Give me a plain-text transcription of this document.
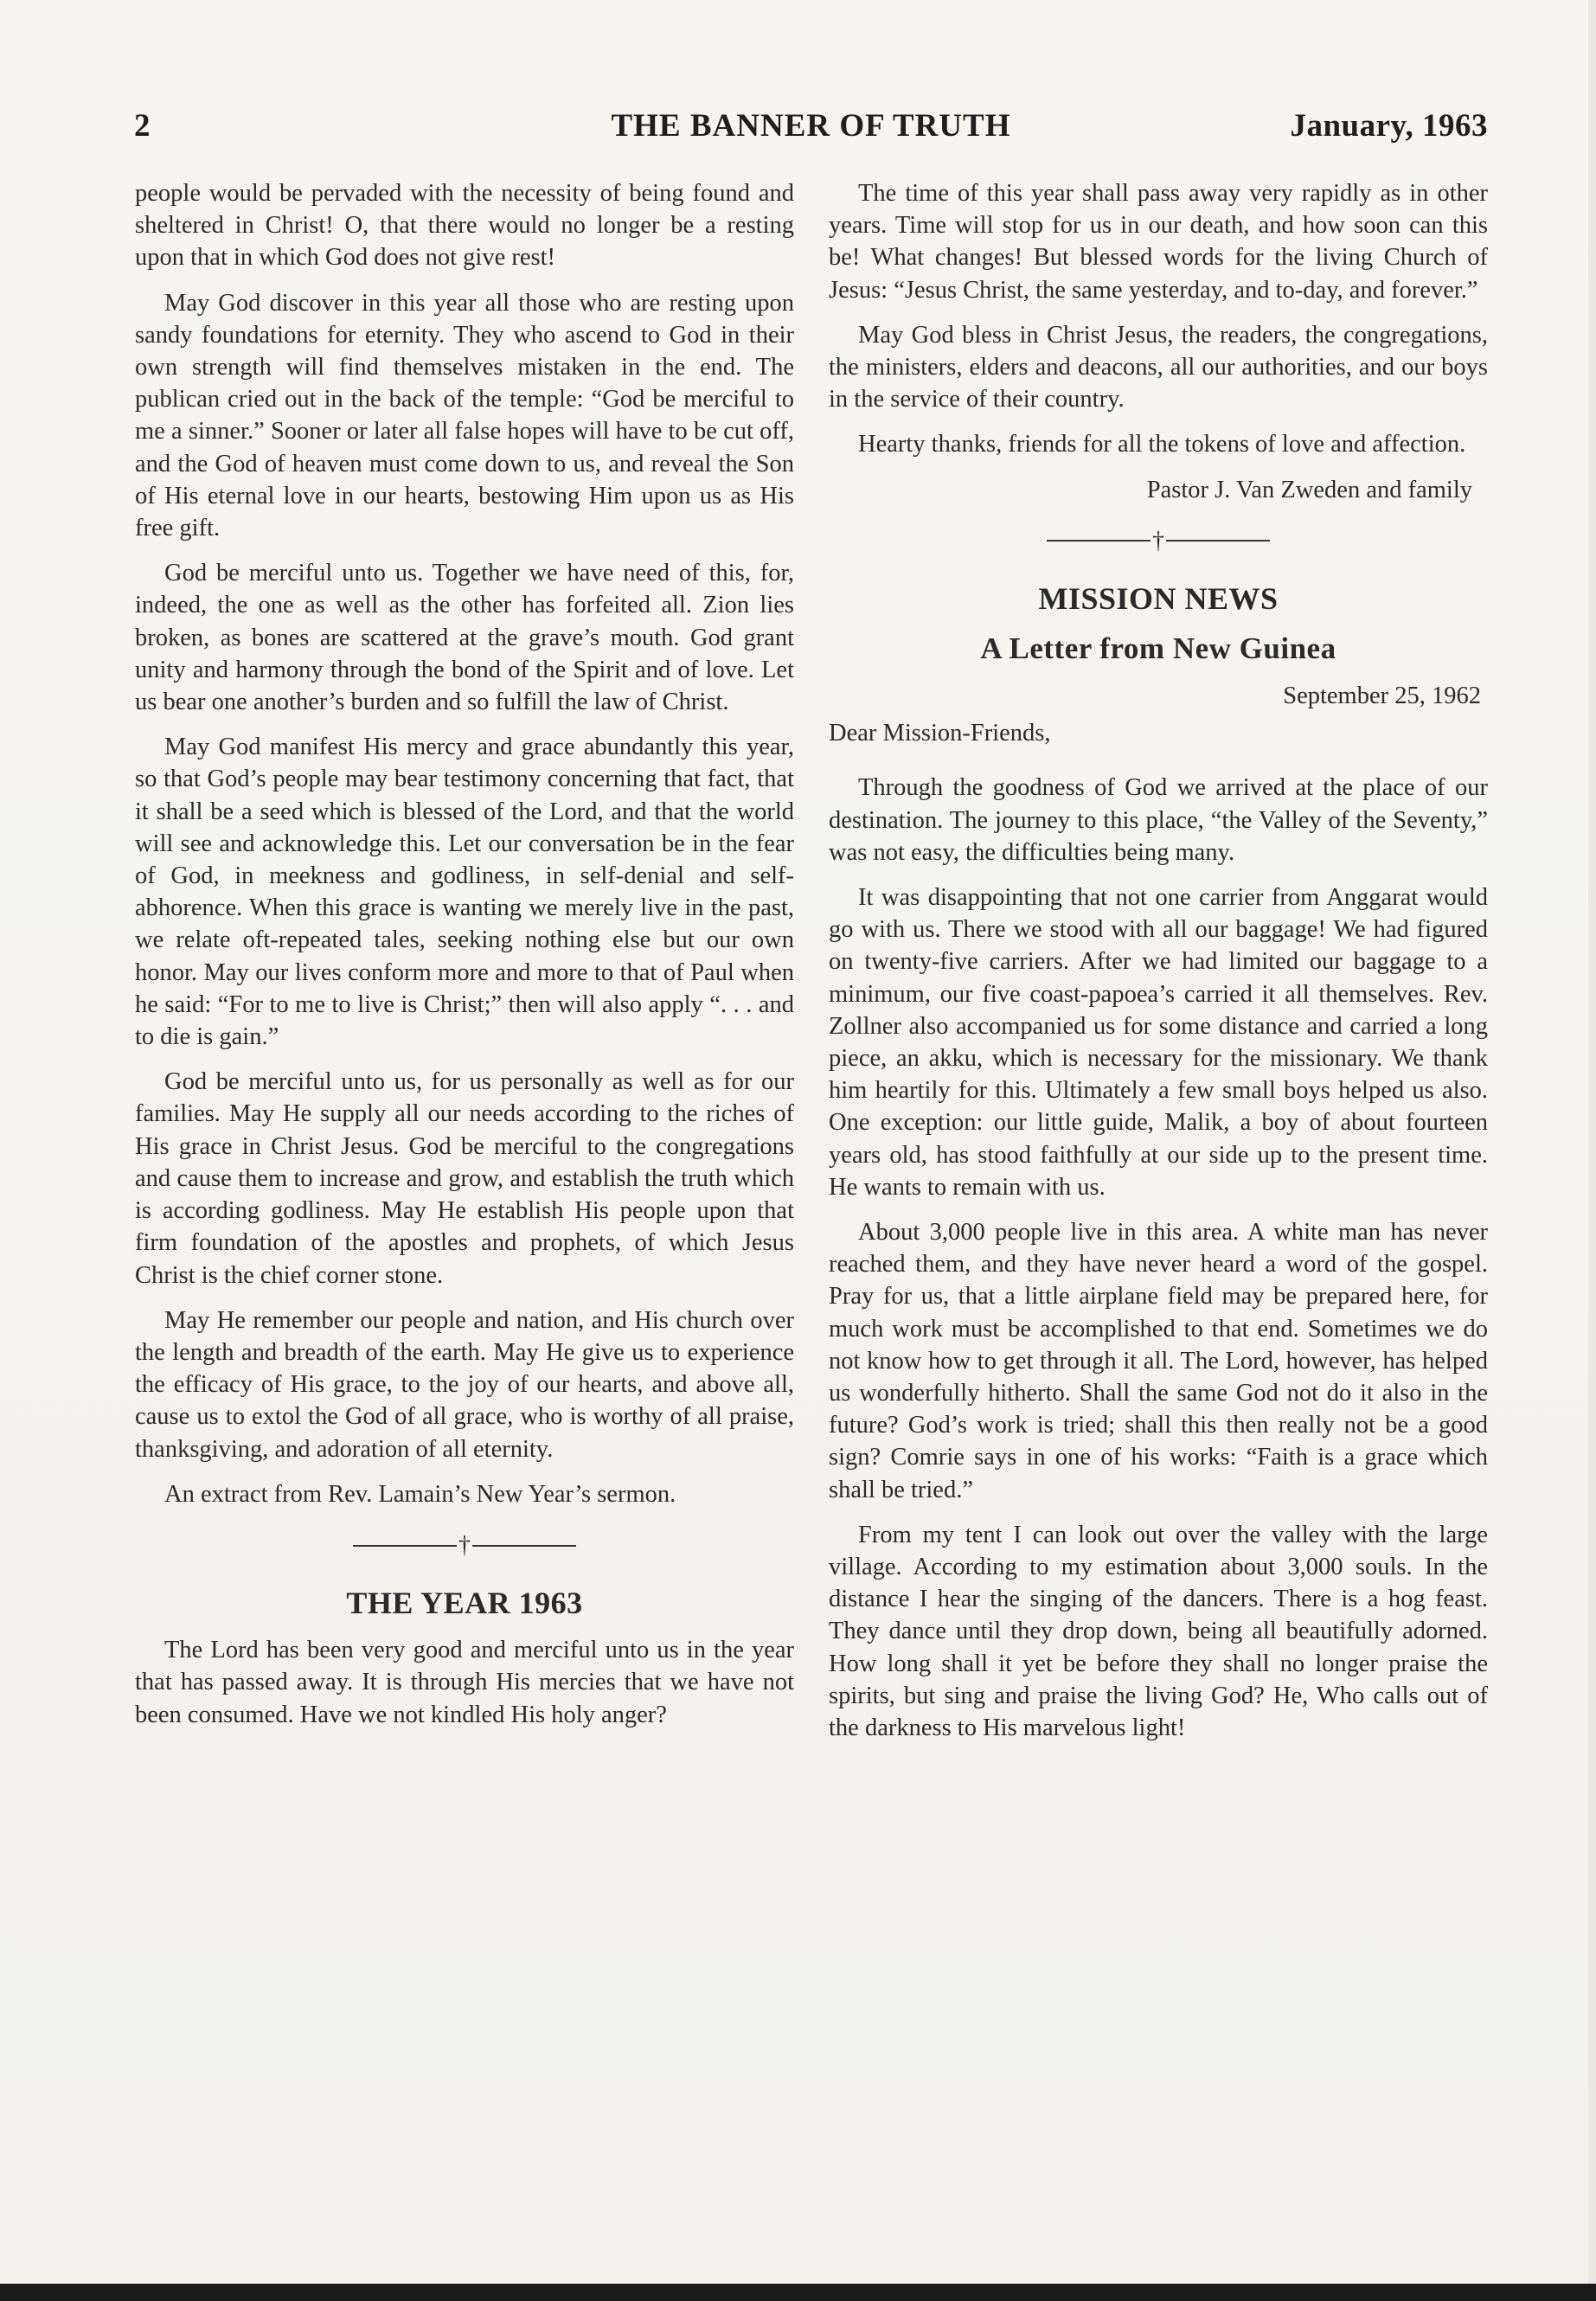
2	THE BANNER OF TRUTH	January, 1963

people would be pervaded with the necessity of being found and sheltered in Christ! O, that there would no longer be a resting upon that in which God does not give rest!

May God discover in this year all those who are resting upon sandy foundations for eternity. They who ascend to God in their own strength will find themselves mistaken in the end. The publican cried out in the back of the temple: “God be merciful to me a sinner.” Sooner or later all false hopes will have to be cut off, and the God of heaven must come down to us, and reveal the Son of His eternal love in our hearts, bestowing Him upon us as His free gift.

God be merciful unto us. Together we have need of this, for, indeed, the one as well as the other has forfeited all. Zion lies broken, as bones are scattered at the grave’s mouth. God grant unity and harmony through the bond of the Spirit and of love. Let us bear one another’s burden and so fulfill the law of Christ.

May God manifest His mercy and grace abundantly this year, so that God’s people may bear testimony concerning that fact, that it shall be a seed which is blessed of the Lord, and that the world will see and acknowledge this. Let our conversation be in the fear of God, in meekness and godliness, in self-denial and self-abhorence. When this grace is wanting we merely live in the past, we relate oft-repeated tales, seeking nothing else but our own honor. May our lives conform more and more to that of Paul when he said: “For to me to live is Christ;” then will also apply “. . . and to die is gain.”

God be merciful unto us, for us personally as well as for our families. May He supply all our needs according to the riches of His grace in Christ Jesus. God be merciful to the congregations and cause them to increase and grow, and establish the truth which is according godliness. May He establish His people upon that firm foundation of the apostles and prophets, of which Jesus Christ is the chief corner stone.

May He remember our people and nation, and His church over the length and breadth of the earth. May He give us to experience the efficacy of His grace, to the joy of our hearts, and above all, cause us to extol the God of all grace, who is worthy of all praise, thanksgiving, and adoration of all eternity.

An extract from Rev. Lamain’s New Year’s sermon.

†
THE YEAR 1963

The Lord has been very good and merciful unto us in the year that has passed away. It is through His mercies that we have not been consumed. Have we not kindled His holy anger?

The time of this year shall pass away very rapidly as in other years. Time will stop for us in our death, and how soon can this be! What changes! But blessed words for the living Church of Jesus: “Jesus Christ, the same yesterday, and to-day, and forever.”

May God bless in Christ Jesus, the readers, the congregations, the ministers, elders and deacons, all our authorities, and our boys in the service of their country.

Hearty thanks, friends for all the tokens of love and affection.

Pastor J. Van Zweden and family
†
MISSION NEWS
A Letter from New Guinea
September 25, 1962

Dear Mission-Friends,

Through the goodness of God we arrived at the place of our destination. The journey to this place, “the Valley of the Seventy,” was not easy, the difficulties being many.

It was disappointing that not one carrier from Anggarat would go with us. There we stood with all our baggage! We had figured on twenty-five carriers. After we had limited our baggage to a minimum, our five coast-papoea’s carried it all themselves. Rev. Zollner also accompanied us for some distance and carried a long piece, an akku, which is necessary for the missionary. We thank him heartily for this. Ultimately a few small boys helped us also. One exception: our little guide, Malik, a boy of about fourteen years old, has stood faithfully at our side up to the present time. He wants to remain with us.

About 3,000 people live in this area. A white man has never reached them, and they have never heard a word of the gospel. Pray for us, that a little airplane field may be prepared here, for much work must be accomplished to that end. Sometimes we do not know how to get through it all. The Lord, however, has helped us wonderfully hitherto. Shall the same God not do it also in the future? God’s work is tried; shall this then really not be a good sign? Comrie says in one of his works: “Faith is a grace which shall be tried.”

From my tent I can look out over the valley with the large village. According to my estimation about 3,000 souls. In the distance I hear the singing of the dancers. There is a hog feast. They dance until they drop down, being all beautifully adorned. How long shall it yet be before they shall no longer praise the spirits, but sing and praise the living God? He, Who calls out of the darkness to His marvelous light!
